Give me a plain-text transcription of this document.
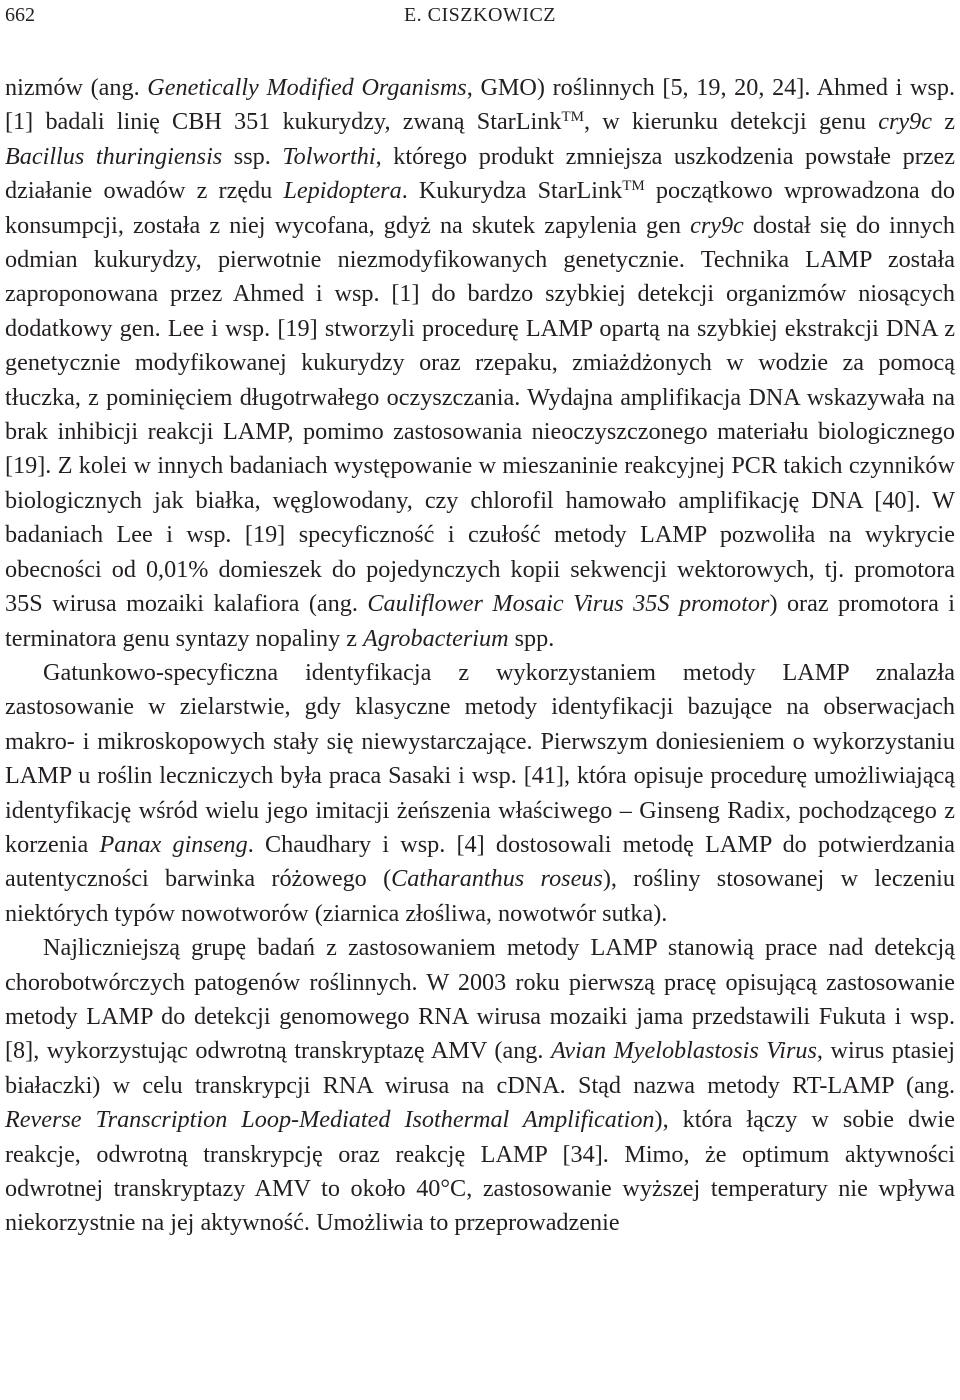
662	E. CISZKOWICZ

nizmów (ang. Genetically Modified Organisms, GMO) roślinnych [5, 19, 20, 24]. Ahmed i wsp. [1] badali linię CBH 351 kukurydzy, zwaną StarLink™, w kierunku detekcji genu cry9c z Bacillus thuringiensis ssp. Tolworthi, którego produkt zmniejsza uszkodzenia powstałe przez działanie owadów z rzędu Lepidoptera. Kukurydza StarLink™ początkowo wprowadzona do konsumpcji, została z niej wycofana, gdyż na skutek zapylenia gen cry9c dostał się do innych odmian kukurydzy, pierwotnie niezmodyfikowanych genetycznie. Technika LAMP została zaproponowana przez Ahmed i wsp. [1] do bardzo szybkiej detekcji organizmów niosących dodatkowy gen. Lee i wsp. [19] stworzyli procedurę LAMP opartą na szybkiej ekstrakcji DNA z genetycznie modyfikowanej kukurydzy oraz rzepaku, zmiażdżonych w wodzie za pomocą tłuczka, z pominięciem długotrwałego oczyszczania. Wydajna amplifikacja DNA wskazywała na brak inhibicji reakcji LAMP, pomimo zastosowania nieoczyszczonego materiału biologicznego [19]. Z kolei w innych badaniach występowanie w mieszaninie reakcyjnej PCR takich czynników biologicznych jak białka, węglowodany, czy chlorofil hamowało amplifikację DNA [40]. W badaniach Lee i wsp. [19] specyficzność i czułość metody LAMP pozwoliła na wykrycie obecności od 0,01% domieszek do pojedynczych kopii sekwencji wektorowych, tj. promotora 35S wirusa mozaiki kalafiora (ang. Cauliflower Mosaic Virus 35S promotor) oraz promotora i terminatora genu syntazy nopaliny z Agrobacterium spp.

Gatunkowo-specyficzna identyfikacja z wykorzystaniem metody LAMP znalazła zastosowanie w zielarstwie, gdy klasyczne metody identyfikacji bazujące na obserwacjach makro- i mikroskopowych stały się niewystarczające. Pierwszym doniesieniem o wykorzystaniu LAMP u roślin leczniczych była praca Sasaki i wsp. [41], która opisuje procedurę umożliwiającą identyfikację wśród wielu jego imitacji żeńszenia właściwego – Ginseng Radix, pochodzącego z korzenia Panax ginseng. Chaudhary i wsp. [4] dostosowali metodę LAMP do potwierdzania autentyczności barwinka różowego (Catharanthus roseus), rośliny stosowanej w leczeniu niektórych typów nowotworów (ziarnica złośliwa, nowotwór sutka).

Najliczniejszą grupę badań z zastosowaniem metody LAMP stanowią prace nad detekcją chorobotwórczych patogenów roślinnych. W 2003 roku pierwszą pracę opisującą zastosowanie metody LAMP do detekcji genomowego RNA wirusa mozaiki jama przedstawili Fukuta i wsp. [8], wykorzystując odwrotną transkryptazę AMV (ang. Avian Myeloblastosis Virus, wirus ptasiej białaczki) w celu transkrypcji RNA wirusa na cDNA. Stąd nazwa metody RT-LAMP (ang. Reverse Transcription Loop-Mediated Isothermal Amplification), która łączy w sobie dwie reakcje, odwrotną transkrypcję oraz reakcję LAMP [34]. Mimo, że optimum aktywności odwrotnej transkryptazy AMV to około 40°C, zastosowanie wyższej temperatury nie wpływa niekorzystnie na jej aktywność. Umożliwia to przeprowadzenie
